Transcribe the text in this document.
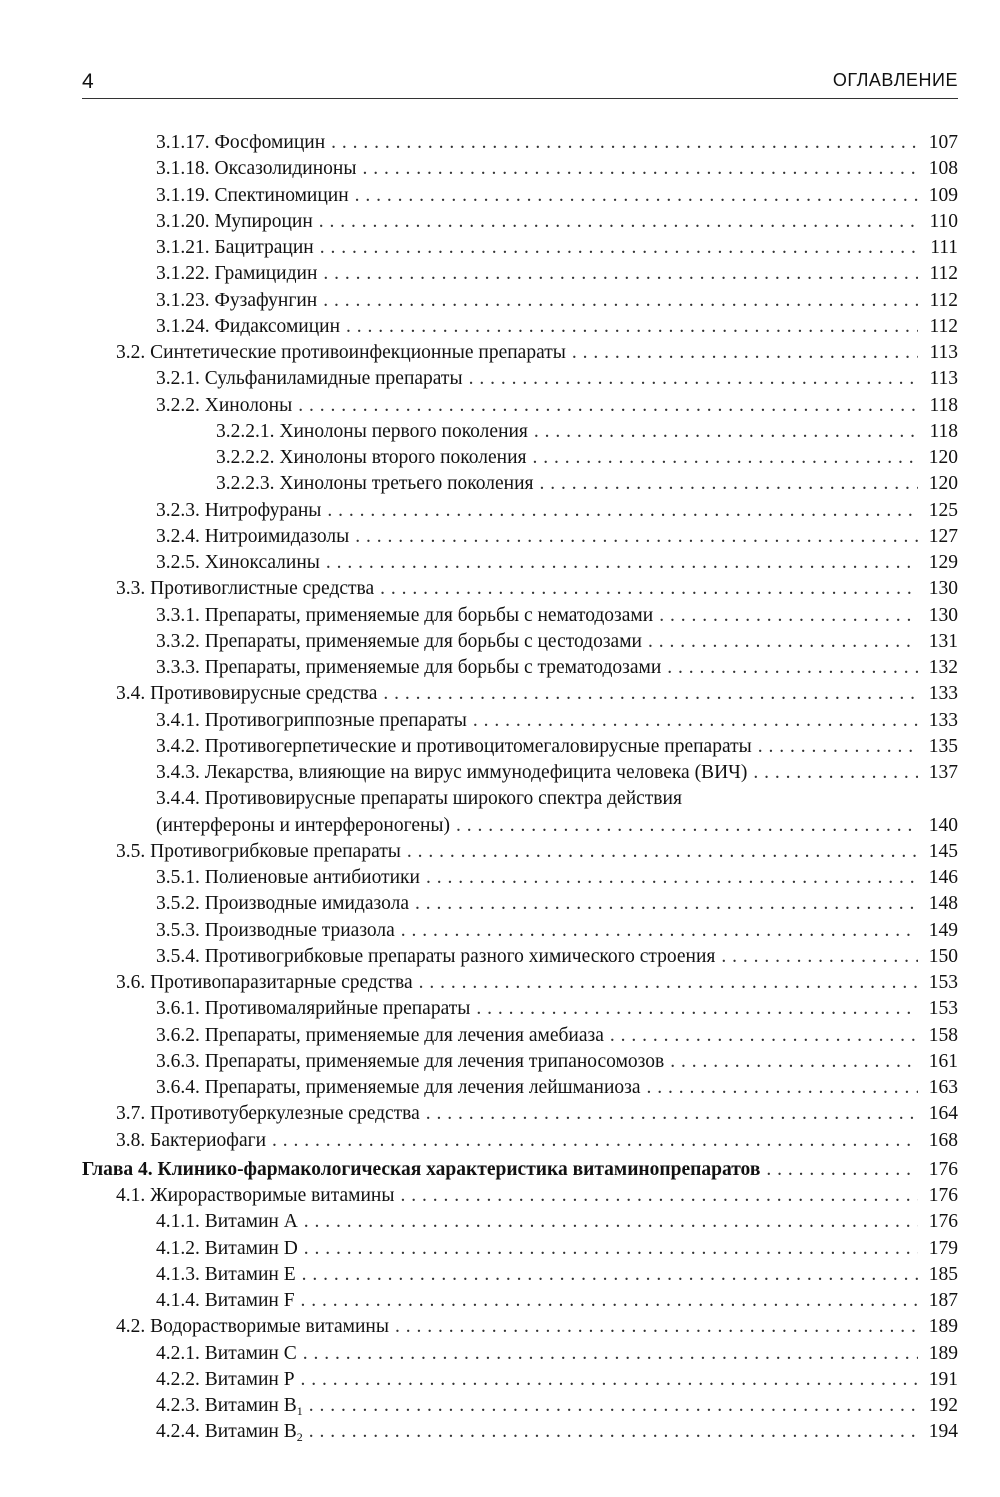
4	ОГЛАВЛЕНИЕ
3.1.17. Фосфомицин . . .	107
3.1.18. Оксазолидиноны . . .	108
3.1.19. Спектиномицин . . .	109
3.1.20. Мупироцин . . .	110
3.1.21. Бацитрацин . . .	111
3.1.22. Грамицидин . . .	112
3.1.23. Фузафунгин . . .	112
3.1.24. Фидаксомицин . . .	112
3.2. Синтетические противоинфекционные препараты . . .	113
3.2.1. Сульфаниламидные препараты . . .	113
3.2.2. Хинолоны . . .	118
3.2.2.1. Хинолоны первого поколения . . .	118
3.2.2.2. Хинолоны второго поколения . . .	120
3.2.2.3. Хинолоны третьего поколения . . .	120
3.2.3. Нитрофураны . . .	125
3.2.4. Нитроимидазолы . . .	127
3.2.5. Хиноксалины . . .	129
3.3. Противоглистные средства . . .	130
3.3.1. Препараты, применяемые для борьбы с нематодозами . . .	130
3.3.2. Препараты, применяемые для борьбы с цестодозами . . .	131
3.3.3. Препараты, применяемые для борьбы с трематодозами . . .	132
3.4. Противовирусные средства . . .	133
3.4.1. Противогриппозные препараты . . .	133
3.4.2. Противогерпетические и противоцитомегаловирусные препараты . . .	135
3.4.3. Лекарства, влияющие на вирус иммунодефицита человека (ВИЧ) . . .	137
3.4.4. Противовирусные препараты широкого спектра действия
(интерфероны и интерфероногены) . . .	140
3.5. Противогрибковые препараты . . .	145
3.5.1. Полиеновые антибиотики . . .	146
3.5.2. Производные имидазола . . .	148
3.5.3. Производные триазола . . .	149
3.5.4. Противогрибковые препараты разного химического строения . . .	150
3.6. Противопаразитарные средства . . .	153
3.6.1. Противомалярийные препараты . . .	153
3.6.2. Препараты, применяемые для лечения амебиаза . . .	158
3.6.3. Препараты, применяемые для лечения трипаносомозов . . .	161
3.6.4. Препараты, применяемые для лечения лейшманиоза . . .	163
3.7. Противотуберкулезные средства . . .	164
3.8. Бактериофаги . . .	168
Глава 4. Клинико-фармакологическая характеристика витаминопрепаратов . . .	176
4.1. Жирорастворимые витамины . . .	176
4.1.1. Витамин А . . .	176
4.1.2. Витамин D . . .	179
4.1.3. Витамин Е . . .	185
4.1.4. Витамин F . . .	187
4.2. Водорастворимые витамины . . .	189
4.2.1. Витамин С . . .	189
4.2.2. Витамин Р . . .	191
4.2.3. Витамин $В_1$ . . .	192
4.2.4. Витамин $В_2$ . . .	194
